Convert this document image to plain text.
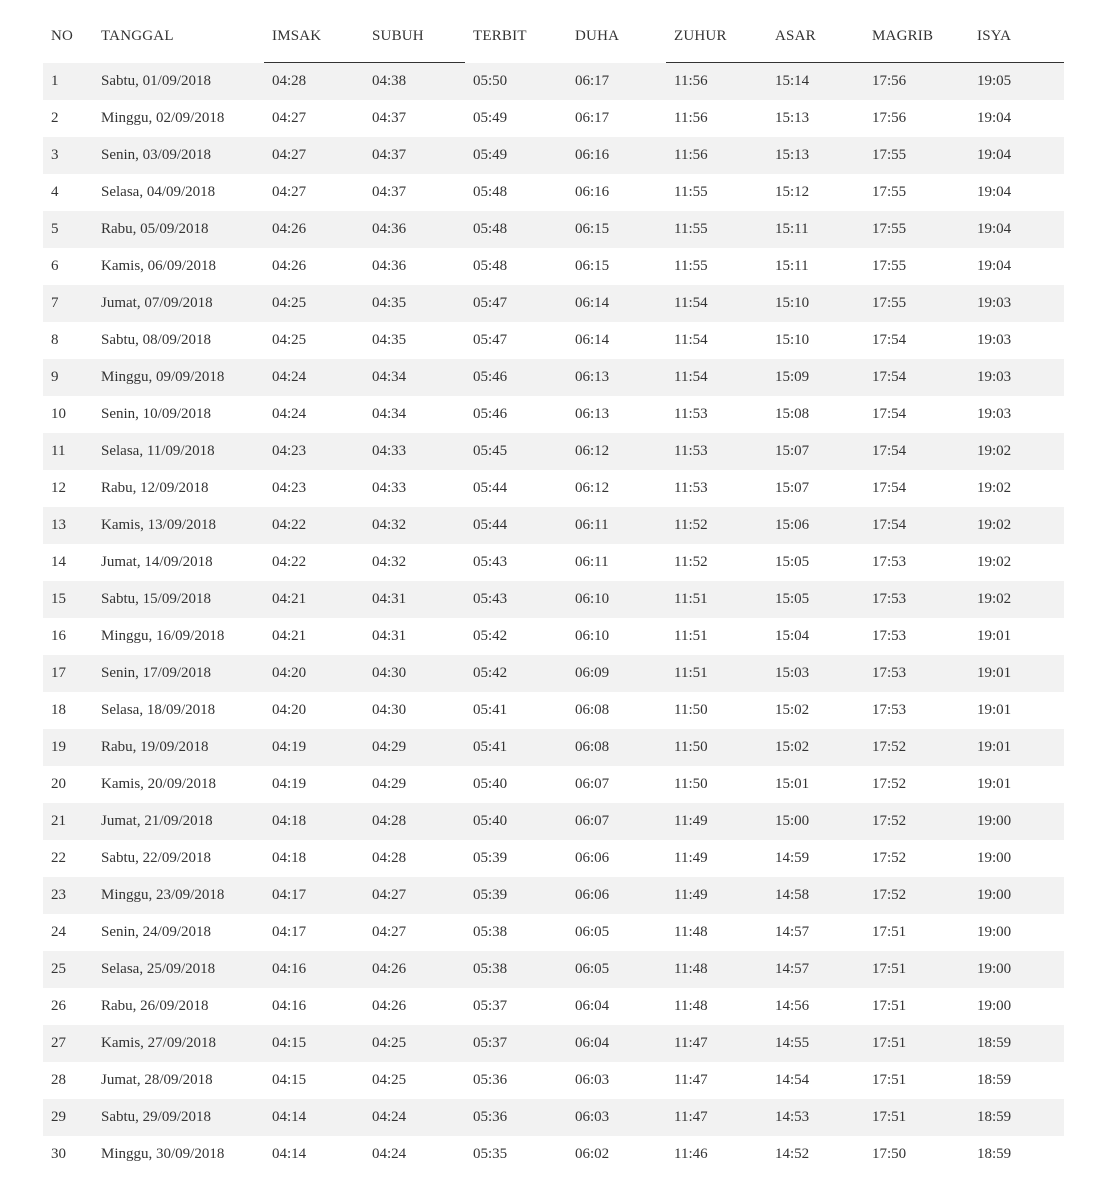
NO	TANGGAL	IMSAK	SUBUH	TERBIT	DUHA	ZUHUR	ASAR	MAGRIB	ISYA
1	Sabtu, 01/09/2018	04:28	04:38	05:50	06:17	11:56	15:14	17:56	19:05
2	Minggu, 02/09/2018	04:27	04:37	05:49	06:17	11:56	15:13	17:56	19:04
3	Senin, 03/09/2018	04:27	04:37	05:49	06:16	11:56	15:13	17:55	19:04
4	Selasa, 04/09/2018	04:27	04:37	05:48	06:16	11:55	15:12	17:55	19:04
5	Rabu, 05/09/2018	04:26	04:36	05:48	06:15	11:55	15:11	17:55	19:04
6	Kamis, 06/09/2018	04:26	04:36	05:48	06:15	11:55	15:11	17:55	19:04
7	Jumat, 07/09/2018	04:25	04:35	05:47	06:14	11:54	15:10	17:55	19:03
8	Sabtu, 08/09/2018	04:25	04:35	05:47	06:14	11:54	15:10	17:54	19:03
9	Minggu, 09/09/2018	04:24	04:34	05:46	06:13	11:54	15:09	17:54	19:03
10	Senin, 10/09/2018	04:24	04:34	05:46	06:13	11:53	15:08	17:54	19:03
11	Selasa, 11/09/2018	04:23	04:33	05:45	06:12	11:53	15:07	17:54	19:02
12	Rabu, 12/09/2018	04:23	04:33	05:44	06:12	11:53	15:07	17:54	19:02
13	Kamis, 13/09/2018	04:22	04:32	05:44	06:11	11:52	15:06	17:54	19:02
14	Jumat, 14/09/2018	04:22	04:32	05:43	06:11	11:52	15:05	17:53	19:02
15	Sabtu, 15/09/2018	04:21	04:31	05:43	06:10	11:51	15:05	17:53	19:02
16	Minggu, 16/09/2018	04:21	04:31	05:42	06:10	11:51	15:04	17:53	19:01
17	Senin, 17/09/2018	04:20	04:30	05:42	06:09	11:51	15:03	17:53	19:01
18	Selasa, 18/09/2018	04:20	04:30	05:41	06:08	11:50	15:02	17:53	19:01
19	Rabu, 19/09/2018	04:19	04:29	05:41	06:08	11:50	15:02	17:52	19:01
20	Kamis, 20/09/2018	04:19	04:29	05:40	06:07	11:50	15:01	17:52	19:01
21	Jumat, 21/09/2018	04:18	04:28	05:40	06:07	11:49	15:00	17:52	19:00
22	Sabtu, 22/09/2018	04:18	04:28	05:39	06:06	11:49	14:59	17:52	19:00
23	Minggu, 23/09/2018	04:17	04:27	05:39	06:06	11:49	14:58	17:52	19:00
24	Senin, 24/09/2018	04:17	04:27	05:38	06:05	11:48	14:57	17:51	19:00
25	Selasa, 25/09/2018	04:16	04:26	05:38	06:05	11:48	14:57	17:51	19:00
26	Rabu, 26/09/2018	04:16	04:26	05:37	06:04	11:48	14:56	17:51	19:00
27	Kamis, 27/09/2018	04:15	04:25	05:37	06:04	11:47	14:55	17:51	18:59
28	Jumat, 28/09/2018	04:15	04:25	05:36	06:03	11:47	14:54	17:51	18:59
29	Sabtu, 29/09/2018	04:14	04:24	05:36	06:03	11:47	14:53	17:51	18:59
30	Minggu, 30/09/2018	04:14	04:24	05:35	06:02	11:46	14:52	17:50	18:59
